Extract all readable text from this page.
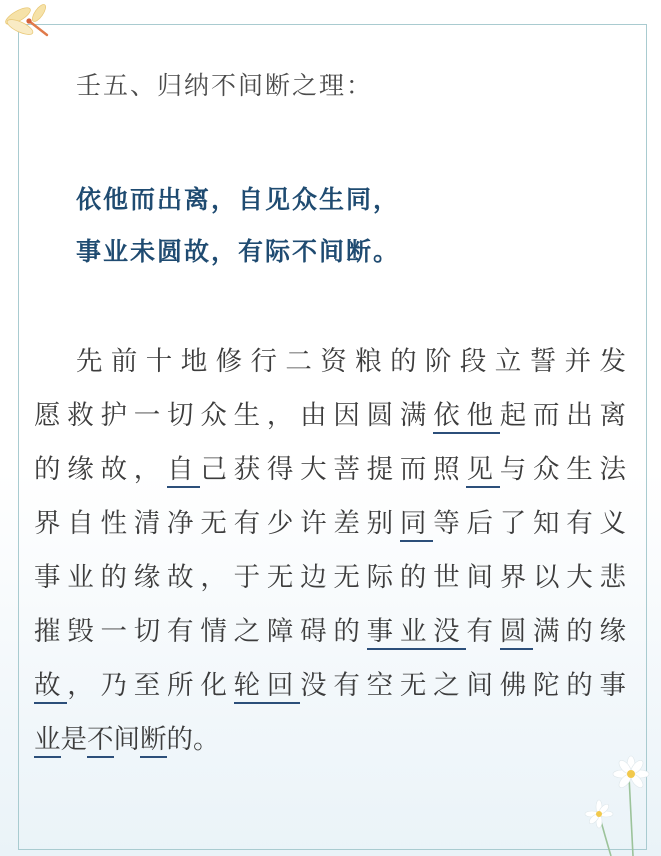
壬五、归纳不间断之理：
依他而出离，自见众生同，
事业未圆故，有际不间断。
先前十地修行二资粮的阶段立誓并发
愿救护一切众生，由因圆满依他起而出离
的缘故，自己获得大菩提而照见与众生法
界自性清净无有少许差别同等后了知有义
事业的缘故，于无边无际的世间界以大悲
摧毁一切有情之障碍的事业没有圆满的缘
故，乃至所化轮回没有空无之间佛陀的事
业是不间断的。
